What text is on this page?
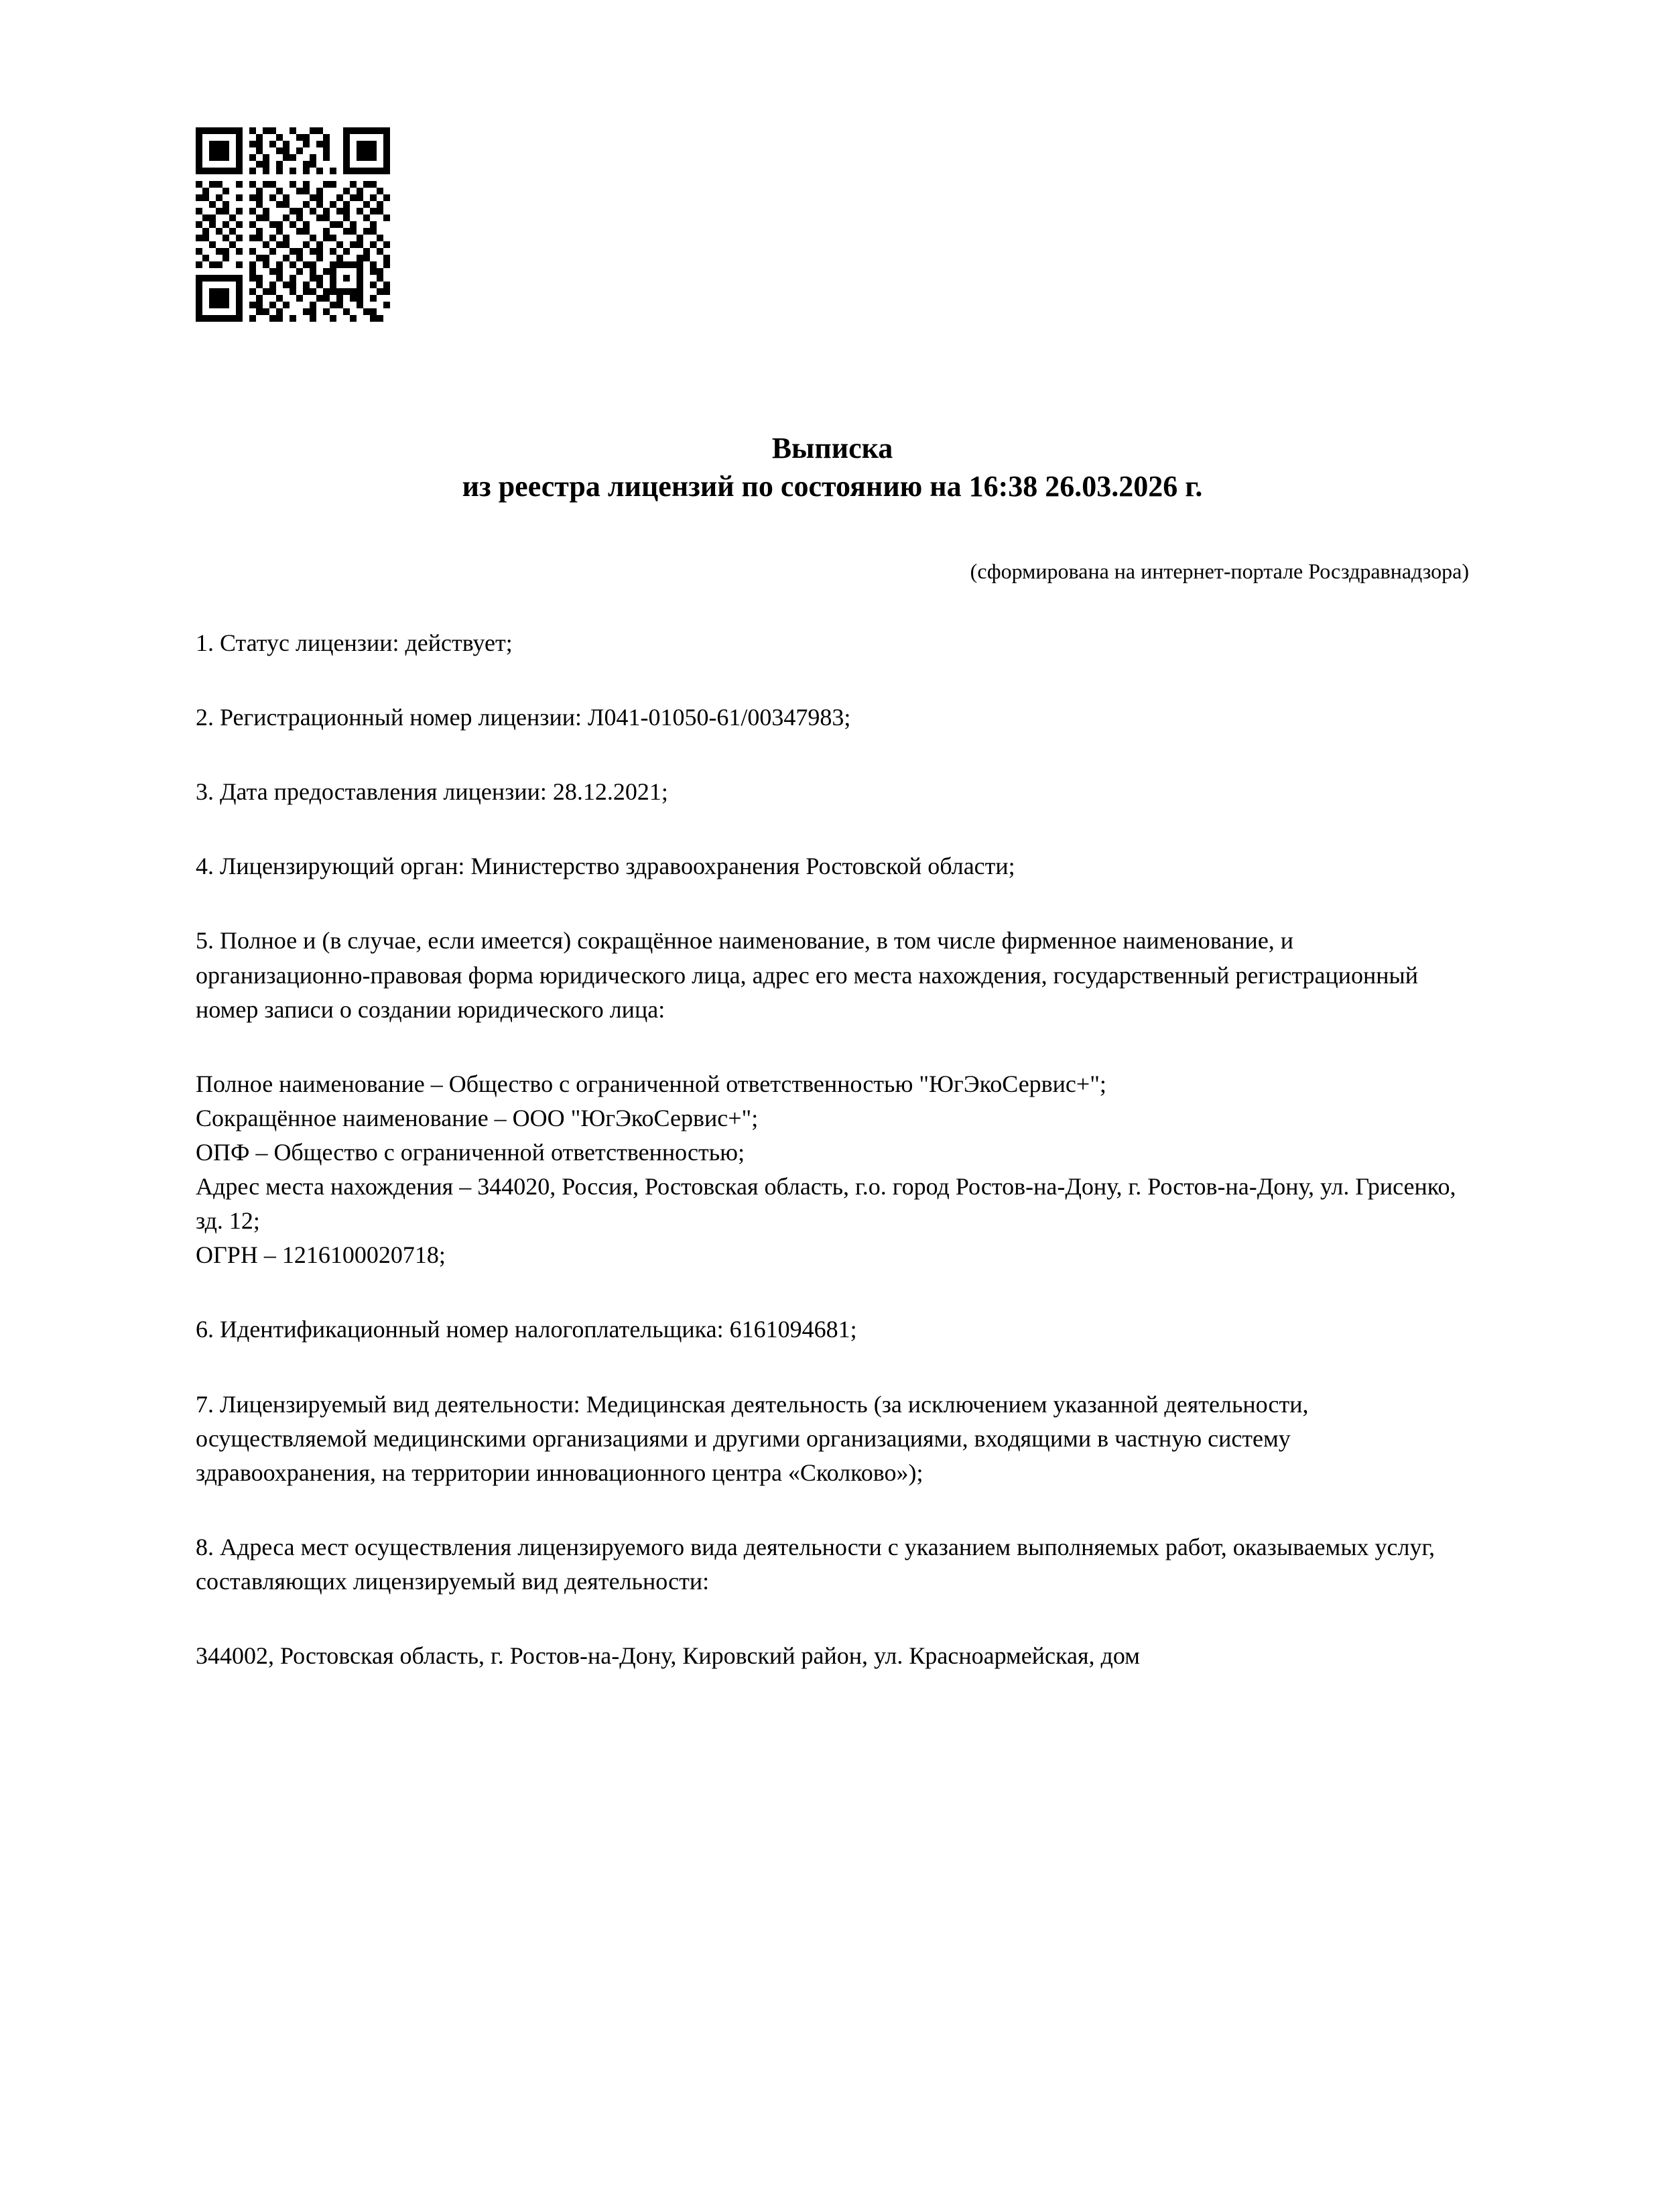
Выписка
из реестра лицензий по состоянию на 16:38 26.03.2026 г.
(сформирована на интернет-портале Росздравнадзора)
1. Статус лицензии: действует;
2. Регистрационный номер лицензии: Л041-01050-61/00347983;
3. Дата предоставления лицензии: 28.12.2021;
4. Лицензирующий орган: Министерство здравоохранения Ростовской области;
5. Полное и (в случае, если имеется) сокращённое наименование, в том числе фирменное наименование, и организационно-правовая форма юридического лица, адрес его места нахождения, государственный регистрационный номер записи о создании юридического лица:
Полное наименование – Общество с ограниченной ответственностью "ЮгЭкоСервис+";
Сокращённое наименование – ООО "ЮгЭкоСервис+";
ОПФ – Общество с ограниченной ответственностью;
Адрес места нахождения – 344020, Россия, Ростовская область, г.о. город Ростов-на-Дону, г. Ростов-на-Дону, ул. Грисенко, зд. 12;
ОГРН – 1216100020718;
6. Идентификационный номер налогоплательщика: 6161094681;
7. Лицензируемый вид деятельности: Медицинская деятельность (за исключением указанной деятельности, осуществляемой медицинскими организациями и другими организациями, входящими в частную систему здравоохранения, на территории инновационного центра «Сколково»);
8. Адреса мест осуществления лицензируемого вида деятельности с указанием выполняемых работ, оказываемых услуг, составляющих лицензируемый вид деятельности:
344002, Ростовская область, г. Ростов-на-Дону, Кировский район, ул. Красноармейская, дом
